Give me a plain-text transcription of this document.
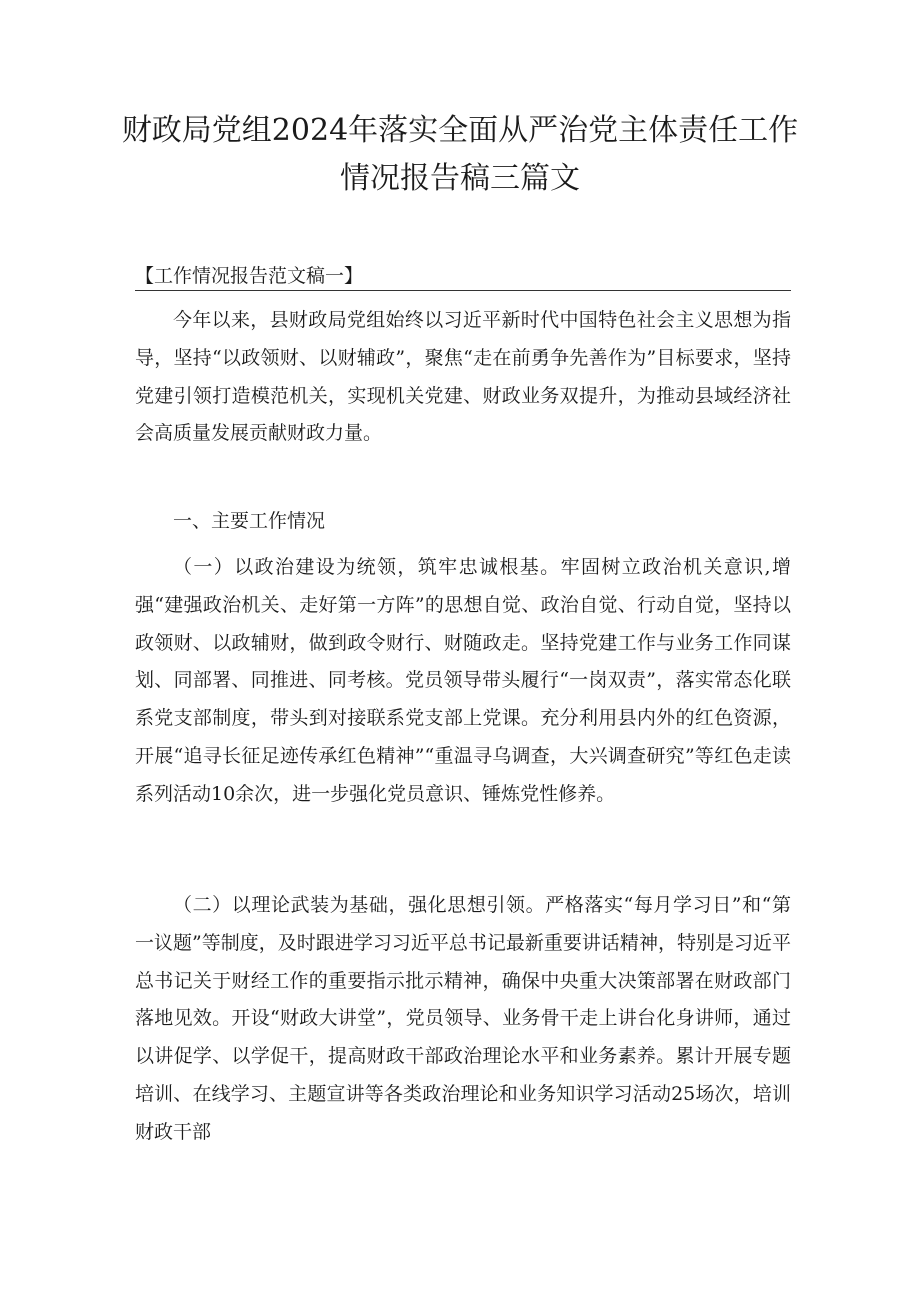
财政局党组2024年落实全面从严治党主体责任工作
情况报告稿三篇文
【工作情况报告范文稿一】

今年以来，县财政局党组始终以习近平新时代中国特色社会主义思想为指导，坚持“以政领财、以财辅政”，聚焦“走在前勇争先善作为”目标要求，坚持党建引领打造模范机关，实现机关党建、财政业务双提升，为推动县域经济社会高质量发展贡献财政力量。

一、主要工作情况

（一）以政治建设为统领，筑牢忠诚根基。牢固树立政治机关意识,增强“建强政治机关、走好第一方阵”的思想自觉、政治自觉、行动自觉，坚持以政领财、以政辅财，做到政令财行、财随政走。坚持党建工作与业务工作同谋划、同部署、同推进、同考核。党员领导带头履行“一岗双责”，落实常态化联系党支部制度，带头到对接联系党支部上党课。充分利用县内外的红色资源，开展“追寻长征足迹传承红色精神”“重温寻乌调查，大兴调查研究”等红色走读系列活动10余次，进一步强化党员意识、锤炼党性修养。

（二）以理论武装为基础，强化思想引领。严格落实“每月学习日”和“第一议题”等制度，及时跟进学习习近平总书记最新重要讲话精神，特别是习近平总书记关于财经工作的重要指示批示精神，确保中央重大决策部署在财政部门落地见效。开设“财政大讲堂”，党员领导、业务骨干走上讲台化身讲师，通过以讲促学、以学促干，提高财政干部政治理论水平和业务素养。累计开展专题培训、在线学习、主题宣讲等各类政治理论和业务知识学习活动25场次，培训财政干部
